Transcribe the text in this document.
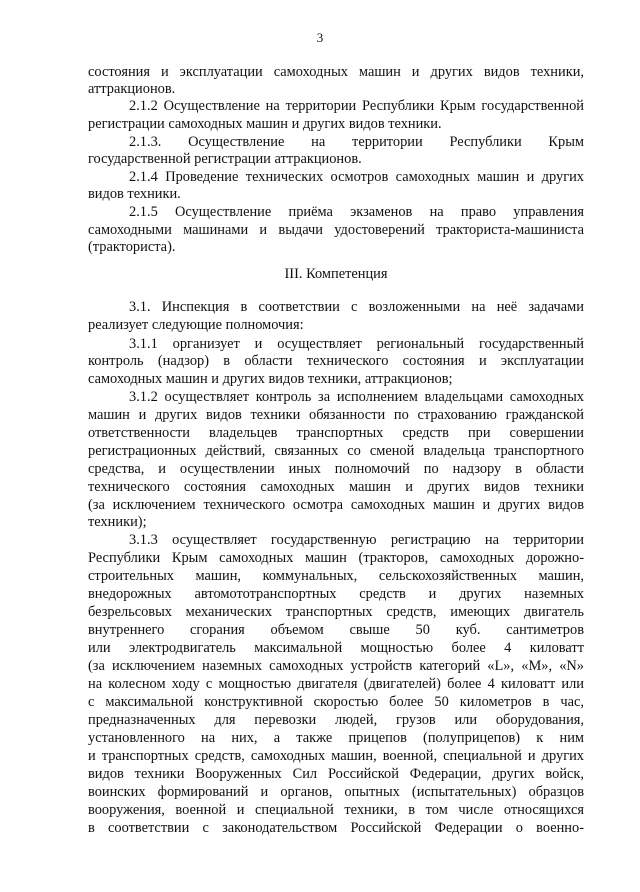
3
состояния и эксплуатации самоходных машин и других видов техники,
аттракционов.
2.1.2 Осуществление на территории Республики Крым государственной
регистрации самоходных машин и других видов техники.
2.1.3. Осуществление на территории Республики Крым
государственной регистрации аттракционов.
2.1.4 Проведение технических осмотров самоходных машин и других
видов техники.
2.1.5 Осуществление приёма экзаменов на право управления
самоходными машинами и выдачи удостоверений тракториста-машиниста
(тракториста).
III. Компетенция
3.1. Инспекция в соответствии с возложенными на неё задачами
реализует следующие полномочия:
3.1.1 организует и осуществляет региональный государственный
контроль (надзор) в области технического состояния и эксплуатации
самоходных машин и других видов техники, аттракционов;
3.1.2 осуществляет контроль за исполнением владельцами самоходных
машин и других видов техники обязанности по страхованию гражданской
ответственности владельцев транспортных средств при совершении
регистрационных действий, связанных со сменой владельца транспортного
средства, и осуществлении иных полномочий по надзору в области
технического состояния самоходных машин и других видов техники
(за исключением технического осмотра самоходных машин и других видов
техники);
3.1.3 осуществляет государственную регистрацию на территории
Республики Крым самоходных машин (тракторов, самоходных дорожно-
строительных машин, коммунальных, сельскохозяйственных машин,
внедорожных автомототранспортных средств и других наземных
безрельсовых механических транспортных средств, имеющих двигатель
внутреннего сгорания объемом свыше 50 куб. сантиметров
или электродвигатель максимальной мощностью более 4 киловатт
(за исключением наземных самоходных устройств категорий «L», «M», «N»
на колесном ходу с мощностью двигателя (двигателей) более 4 киловатт или
с максимальной конструктивной скоростью более 50 километров в час,
предназначенных для перевозки людей, грузов или оборудования,
установленного на них, а также прицепов (полуприцепов) к ним
и транспортных средств, самоходных машин, военной, специальной и других
видов техники Вооруженных Сил Российской Федерации, других войск,
воинских формирований и органов, опытных (испытательных) образцов
вооружения, военной и специальной техники, в том числе относящихся
в соответствии с законодательством Российской Федерации о военно-
